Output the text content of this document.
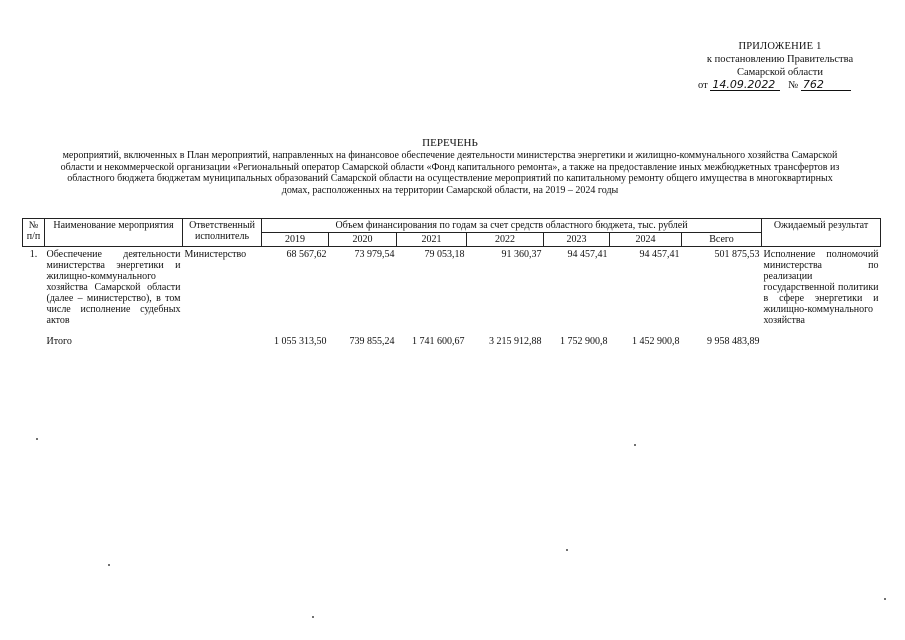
ПРИЛОЖЕНИЕ 1
к постановлению Правительства
Самарской области
от 14.09.2022 № 762
ПЕРЕЧЕНЬ
мероприятий, включенных в План мероприятий, направленных на финансовое обеспечение деятельности министерства энергетики и жилищно-коммунального хозяйства Самарской области и некоммерческой организации «Региональный оператор Самарской области «Фонд капитального ремонта», а также на предоставление иных межбюджетных трансфертов из областного бюджета бюджетам муниципальных образований Самарской области на осуществление мероприятий по капитальному ремонту общего имущества в многоквартирных домах, расположенных на территории Самарской области, на 2019 – 2024 годы
№ п/п	Наименование мероприятия	Ответственный исполнитель	Объем финансирования по годам за счет средств областного бюджета, тыс. рублей							Ожидаемый результат
			2019	2020	2021	2022	2023	2024	Всего	
1.	Обеспечение деятельности министерства энергетики и жилищно-коммунального хозяйства Самарской области (далее – министерство), в том числе исполнение судебных актов	Министерство	68 567,62	73 979,54	79 053,18	91 360,37	94 457,41	94 457,41	501 875,53	Исполнение полномочий министерства по реализации государственной политики в сфере энергетики и жилищно-коммунального хозяйства
	Итого		1 055 313,50	739 855,24	1 741 600,67	3 215 912,88	1 752 900,8	1 452 900,8	9 958 483,89	
